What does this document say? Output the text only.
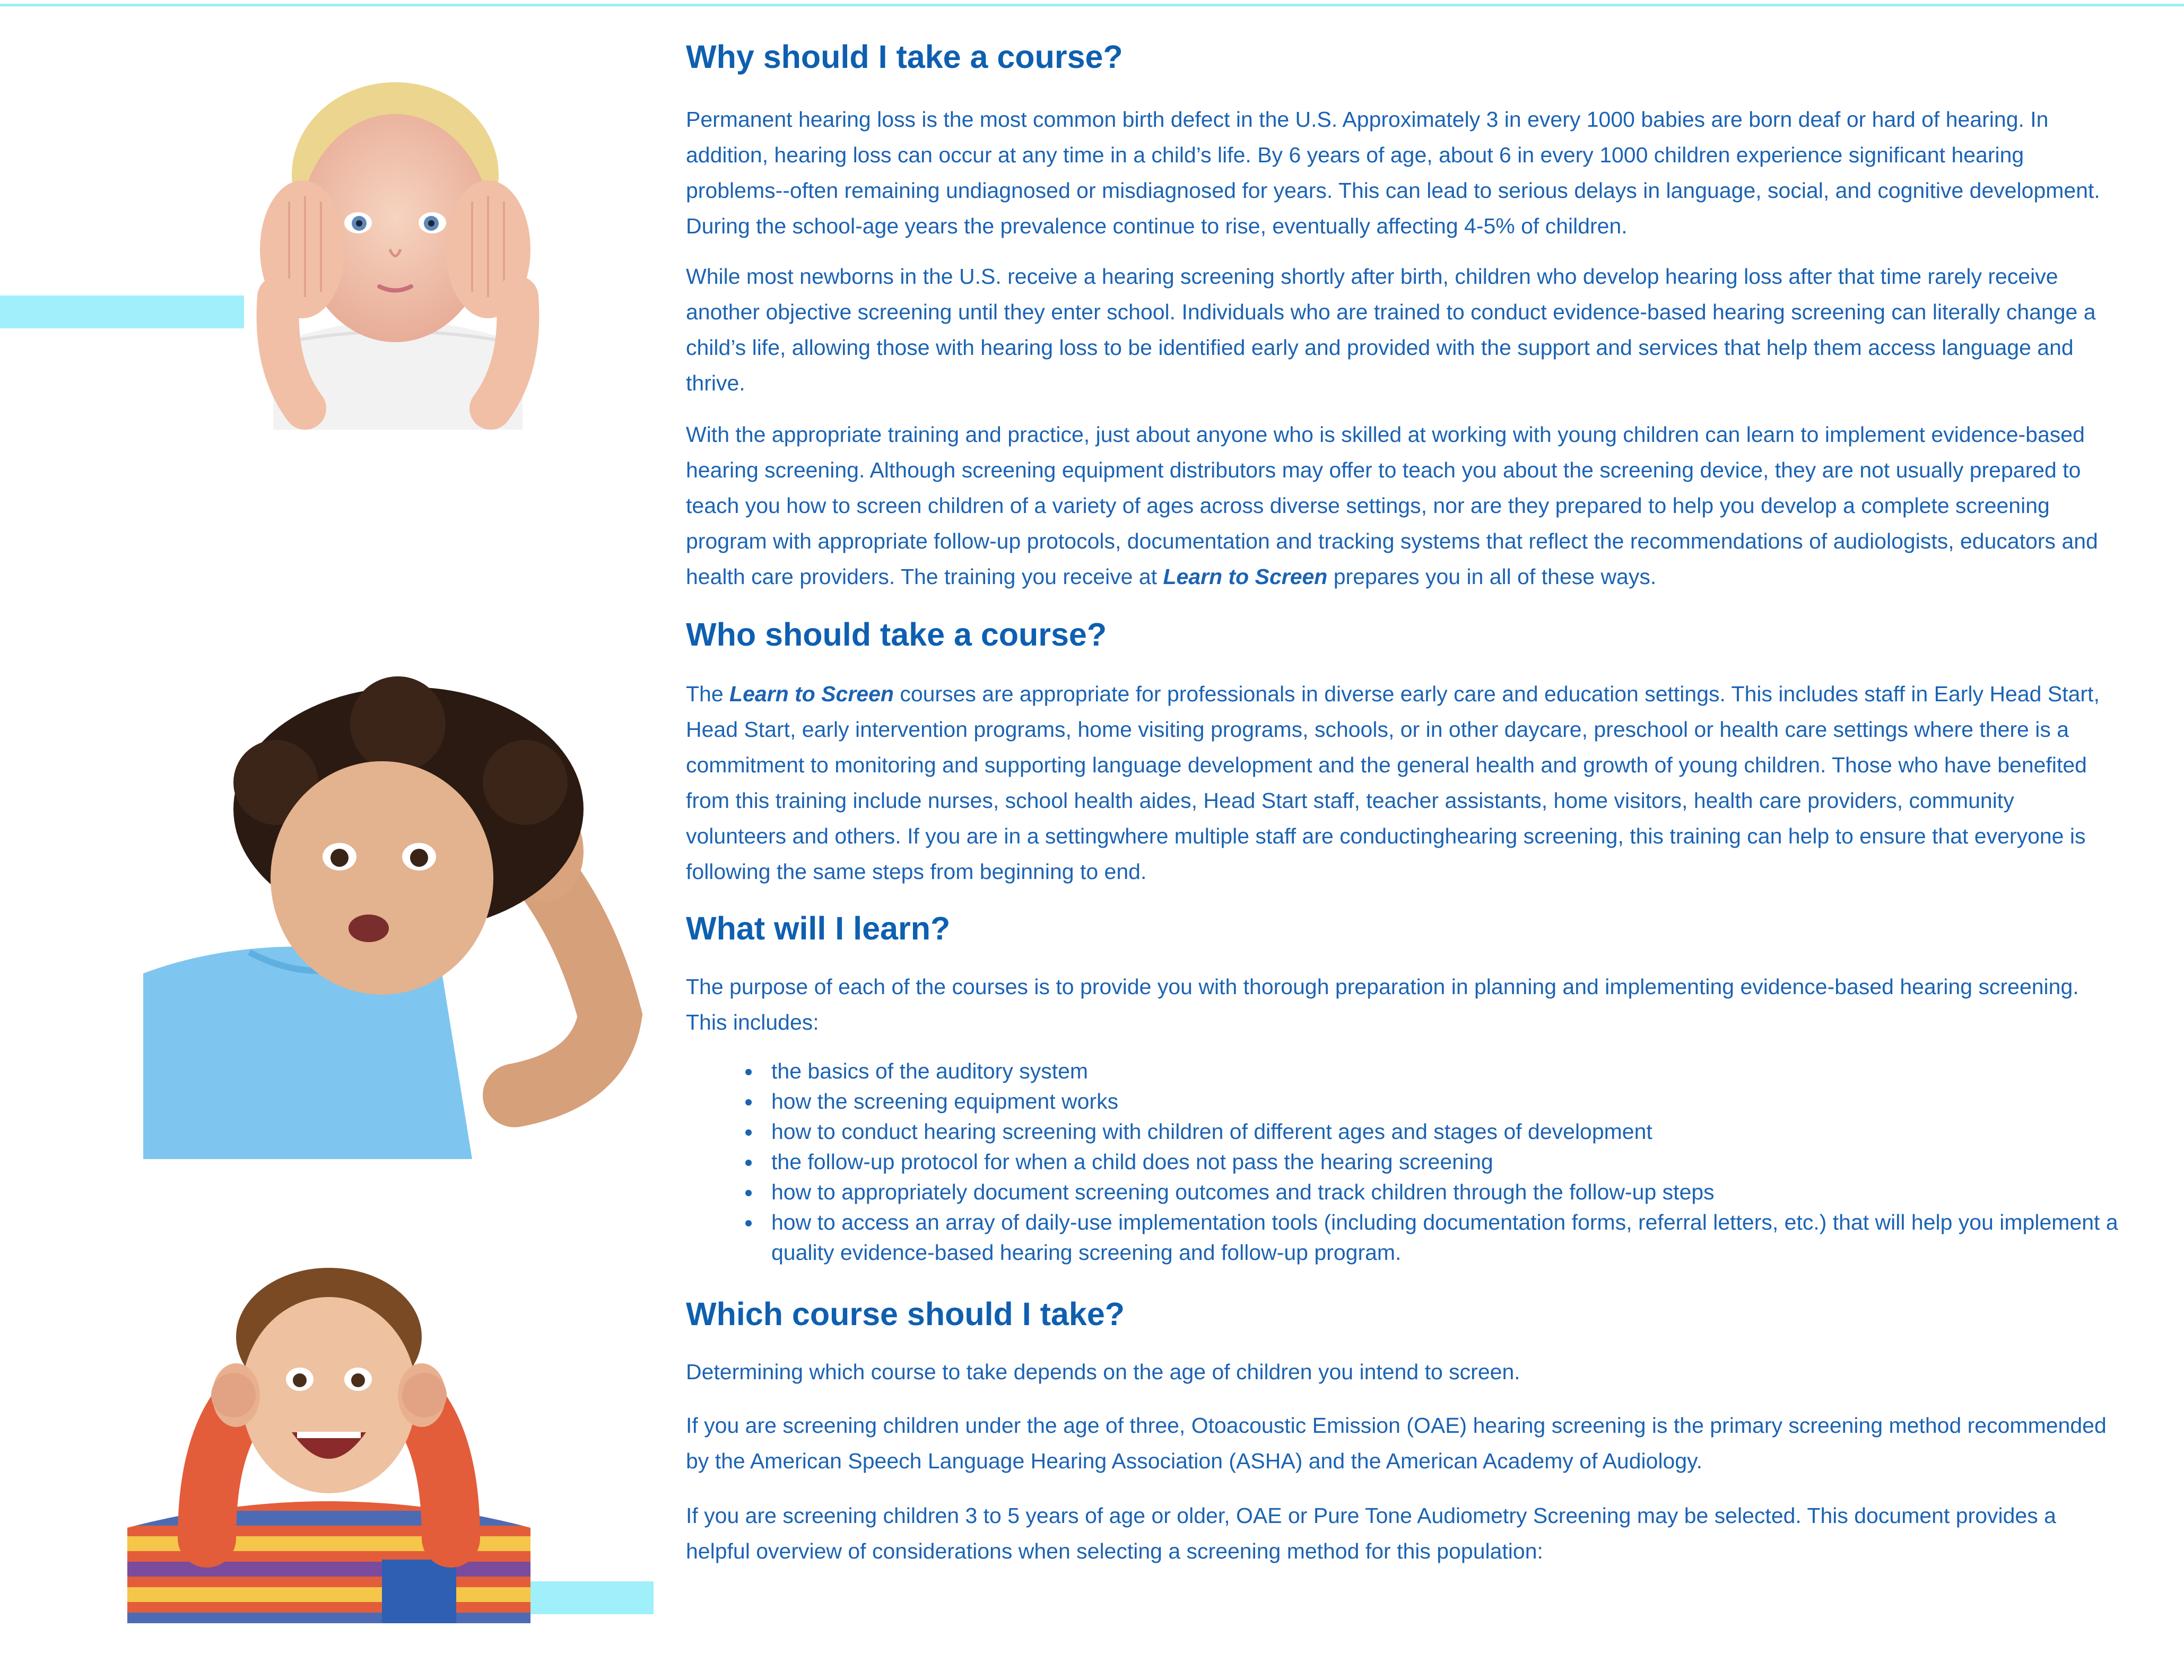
Why should I take a course?

Permanent hearing loss is the most common birth defect in the U.S. Approximately 3 in every 1000 babies are born deaf or hard of hearing. In addition, hearing loss can occur at any time in a child’s life. By 6 years of age, about 6 in every 1000 children experience significant hearing problems--often remaining undiagnosed or misdiagnosed for years. This can lead to serious delays in language, social, and cognitive development. During the school-age years the prevalence continue to rise, eventually affecting 4-5% of children.

While most newborns in the U.S. receive a hearing screening shortly after birth, children who develop hearing loss after that time rarely receive another objective screening until they enter school. Individuals who are trained to conduct evidence-based hearing screening can literally change a child’s life, allowing those with hearing loss to be identified early and provided with the support and services that help them access language and thrive.

With the appropriate training and practice, just about anyone who is skilled at working with young children can learn to implement evidence-based hearing screening. Although screening equipment distributors may offer to teach you about the screening device, they are not usually prepared to teach you how to screen children of a variety of ages across diverse settings, nor are they prepared to help you develop a complete screening program with appropriate follow-up protocols, documentation and tracking systems that reflect the recommendations of audiologists, educators and health care providers. The training you receive at Learn to Screen prepares you in all of these ways.

Who should take a course?

The Learn to Screen courses are appropriate for professionals in diverse early care and education settings. This includes staff in Early Head Start, Head Start, early intervention programs, home visiting programs, schools, or in other daycare, preschool or health care settings where there is a commitment to monitoring and supporting language development and the general health and growth of young children. Those who have benefited from this training include nurses, school health aides, Head Start staff, teacher assistants, home visitors, health care providers, community volunteers and others. If you are in a settingwhere multiple staff are conductinghearing screening, this training can help to ensure that everyone is following the same steps from beginning to end.

What will I learn?

The purpose of each of the courses is to provide you with thorough preparation in planning and implementing evidence-based hearing screening. This includes:

• the basics of the auditory system
• how the screening equipment works
• how to conduct hearing screening with children of different ages and stages of development
• the follow-up protocol for when a child does not pass the hearing screening
• how to appropriately document screening outcomes and track children through the follow-up steps
• how to access an array of daily-use implementation tools (including documentation forms, referral letters, etc.) that will help you implement a quality evidence-based hearing screening and follow-up program.
Which course should I take?

Determining which course to take depends on the age of children you intend to screen.

If you are screening children under the age of three, Otoacoustic Emission (OAE) hearing screening is the primary screening method recommended by the American Speech Language Hearing Association (ASHA) and the American Academy of Audiology.

If you are screening children 3 to 5 years of age or older, OAE or Pure Tone Audiometry Screening may be selected. This document provides a helpful overview of considerations when selecting a screening method for this population:
